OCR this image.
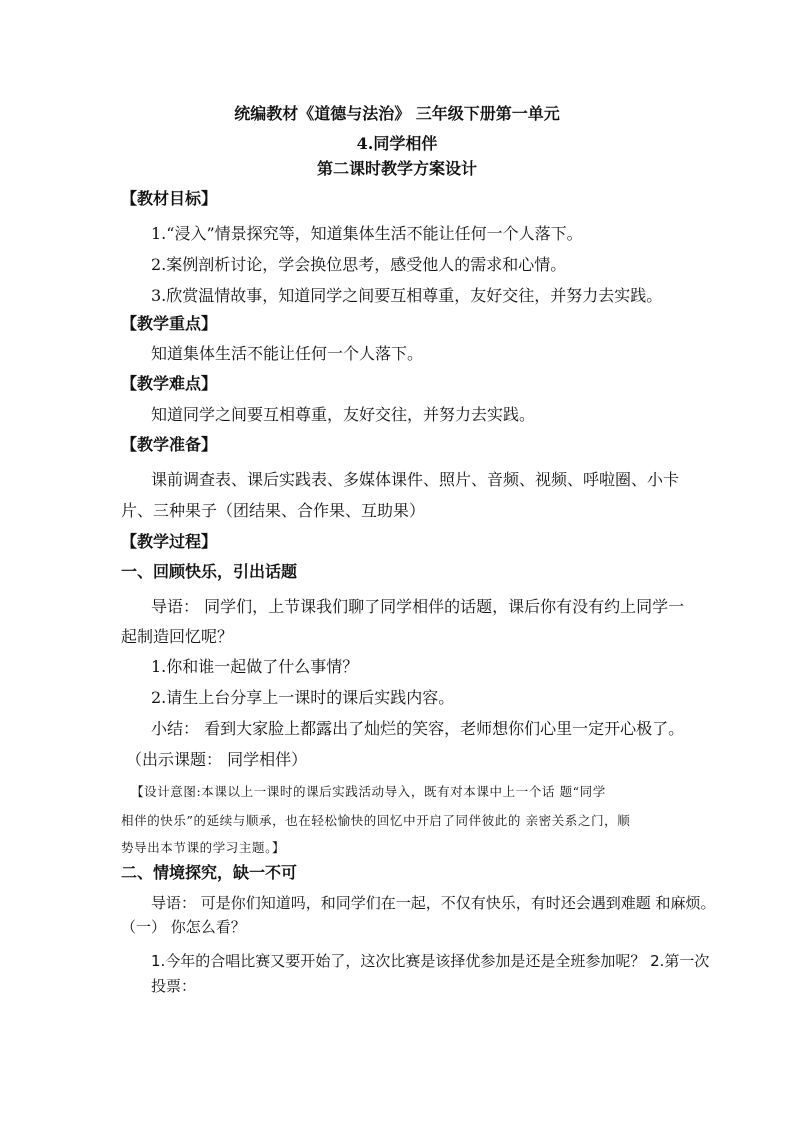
统编教材《道德与法治》 三年级下册第一单元
4.同学相伴
第二课时教学方案设计
【教材目标】
1.“浸入”情景探究等，知道集体生活不能让任何一个人落下。
2.案例剖析讨论，学会换位思考，感受他人的需求和心情。
3.欣赏温情故事，知道同学之间要互相尊重，友好交往，并努力去实践。
【教学重点】
知道集体生活不能让任何一个人落下。
【教学难点】
知道同学之间要互相尊重，友好交往，并努力去实践。
【教学准备】
课前调查表、课后实践表、多媒体课件、照片、音频、视频、呼啦圈、小卡
片、三种果子（团结果、合作果、互助果）
【教学过程】
一、回顾快乐，引出话题
导语： 同学们，上节课我们聊了同学相伴的话题，课后你有没有约上同学一
起制造回忆呢？
1.你和谁一起做了什么事情？
2.请生上台分享上一课时的课后实践内容。
小结： 看到大家脸上都露出了灿烂的笑容，老师想你们心里一定开心极了。
（出示课题： 同学相伴）
【设计意图:本课以上一课时的课后实践活动导入，既有对本课中上一个话 题“同学
相伴的快乐”的延续与顺承，也在轻松愉快的回忆中开启了同伴彼此的 亲密关系之门，顺
势导出本节课的学习主题。】
二、情境探究，缺一不可
导语： 可是你们知道吗，和同学们在一起，不仅有快乐，有时还会遇到难题 和麻烦。
（一） 你怎么看？
1.今年的合唱比赛又要开始了，这次比赛是该择优参加是还是全班参加呢？ 2.第一次
投票：
